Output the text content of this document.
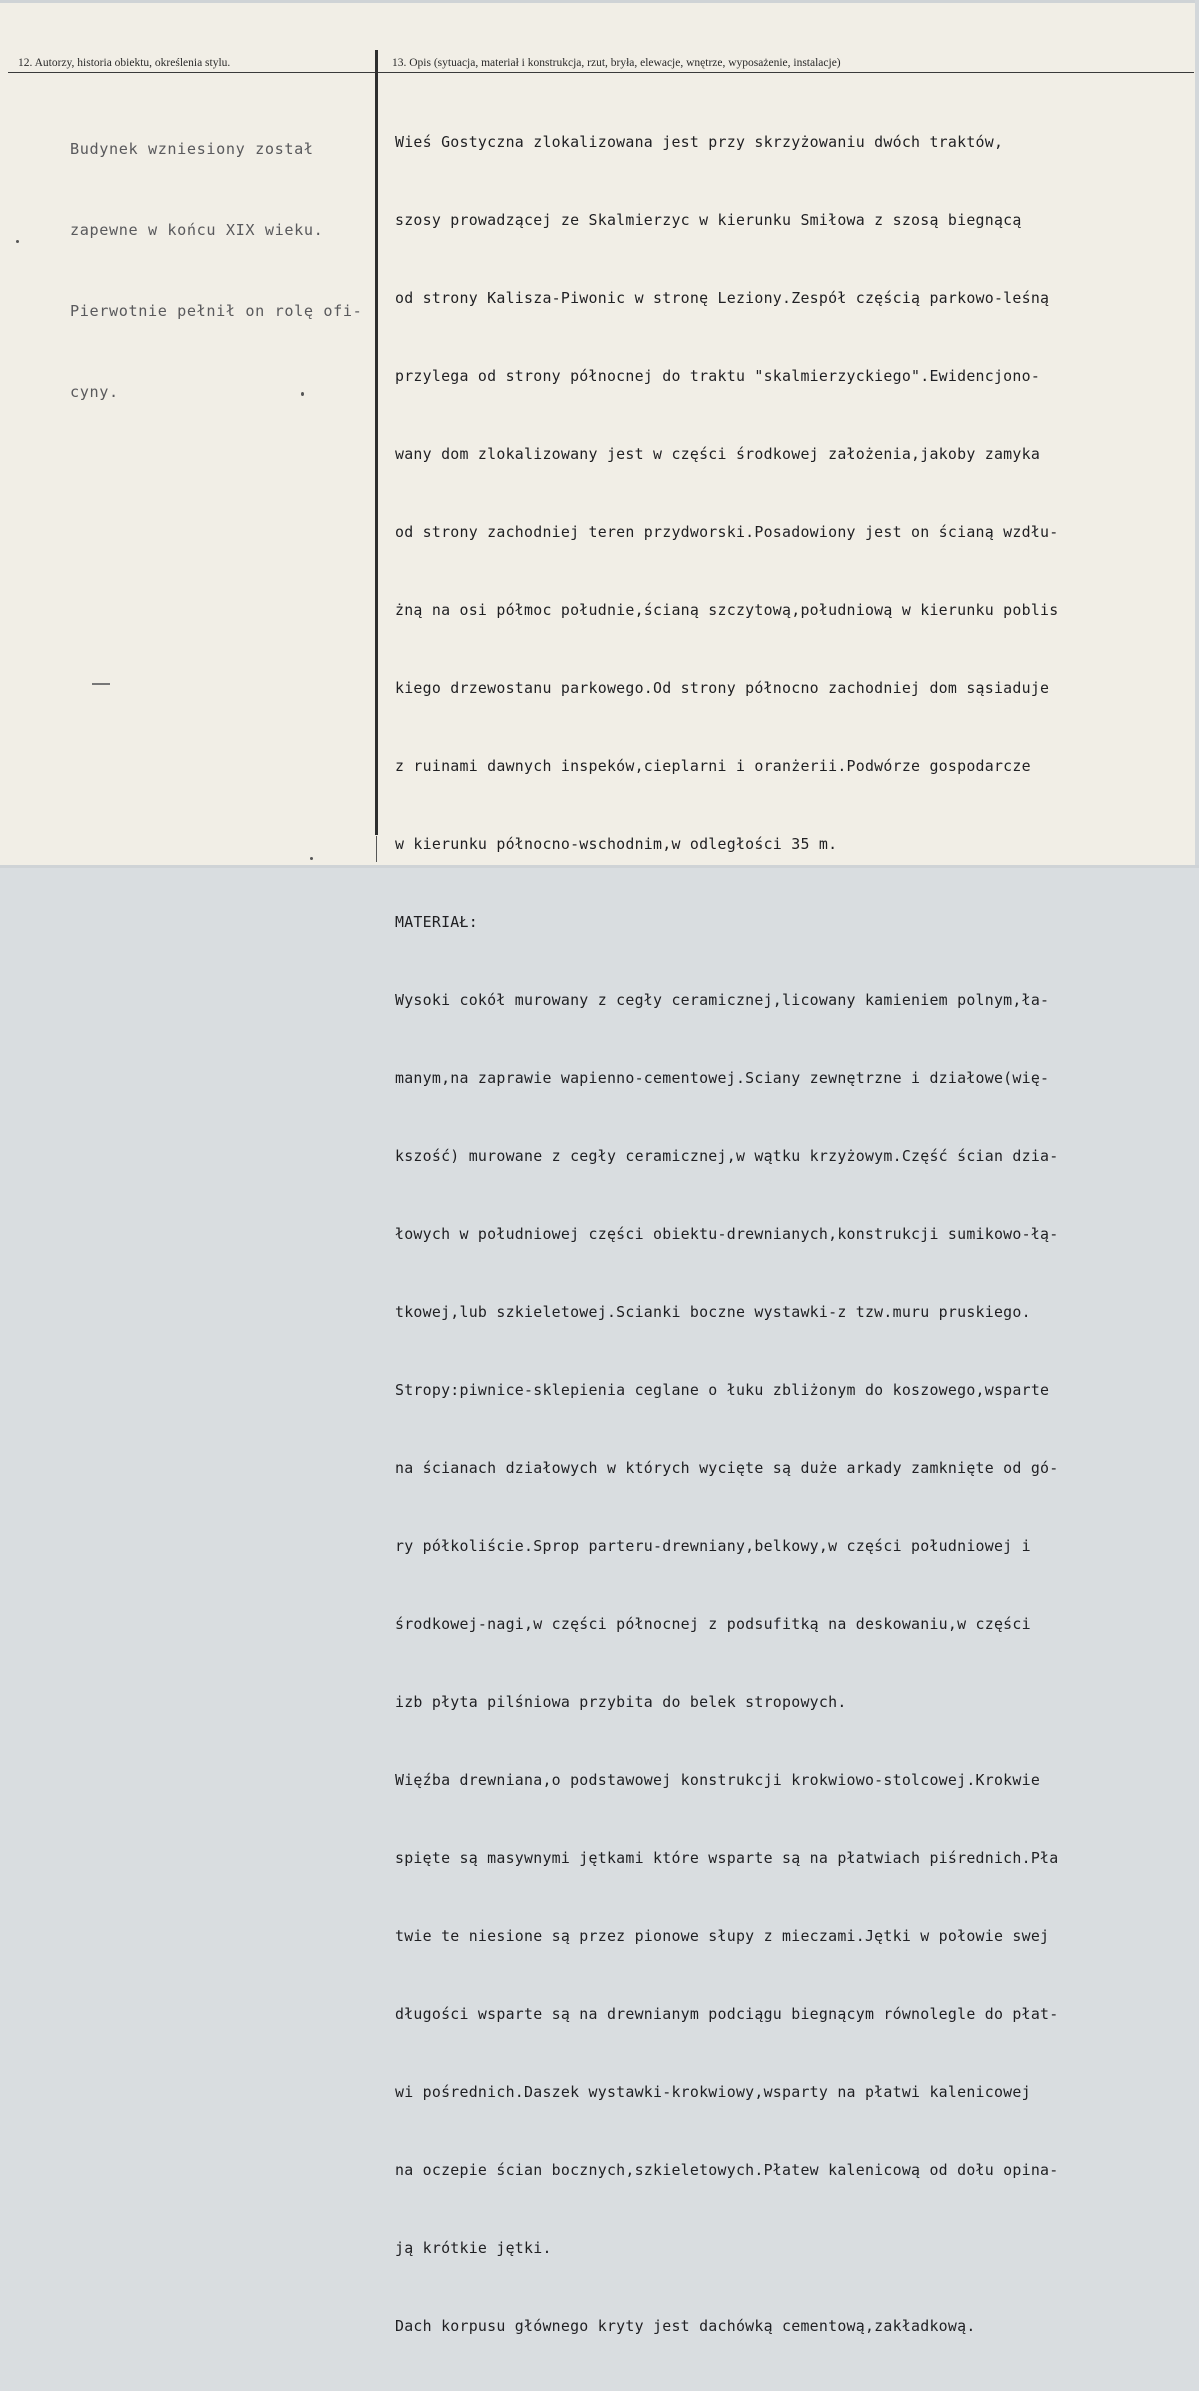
12. Autorzy, historia obiektu, określenia stylu.	13. Opis (sytuacja, materiał i konstrukcja, rzut, bryła, elewacje, wnętrze, wyposażenie, instalacje)

Budynek wzniesiony został

zapewne w końcu XIX wieku.

Pierwotnie pełnił on rolę ofi-

cyny.

Wieś Gostyczna zlokalizowana jest przy skrzyżowaniu dwóch traktów,

szosy prowadzącej ze Skalmierzyc w kierunku Smiłowa z szosą biegnącą

od strony Kalisza-Piwonic w stronę Leziony.Zespół częścią parkowo-leśną

przylega od strony północnej do traktu "skalmierzyckiego".Ewidencjono-

wany dom zlokalizowany jest w części środkowej założenia,jakoby zamyka

od strony zachodniej teren przydworski.Posadowiony jest on ścianą wzdłu-

żną na osi półmoc południe,ścianą szczytową,południową w kierunku poblis

kiego drzewostanu parkowego.Od strony północno zachodniej dom sąsiaduje

z ruinami dawnych inspeków,cieplarni i oranżerii.Podwórze gospodarcze

w kierunku północno-wschodnim,w odległości 35 m.

MATERIAŁ:

Wysoki cokół murowany z cegły ceramicznej,licowany kamieniem polnym,ła-

manym,na zaprawie wapienno-cementowej.Sciany zewnętrzne i działowe(wię-

kszość) murowane z cegły ceramicznej,w wątku krzyżowym.Część ścian dzia-

łowych w południowej części obiektu-drewnianych,konstrukcji sumikowo-łą-

tkowej,lub szkieletowej.Scianki boczne wystawki-z tzw.muru pruskiego.

Stropy:piwnice-sklepienia ceglane o łuku zbliżonym do koszowego,wsparte

na ścianach działowych w których wycięte są duże arkady zamknięte od gó-

ry półkoliście.Sprop parteru-drewniany,belkowy,w części południowej i

środkowej-nagi,w części północnej z podsufitką na deskowaniu,w części

izb płyta pilśniowa przybita do belek stropowych.

Więźba drewniana,o podstawowej konstrukcji krokwiowo-stolcowej.Krokwie

spięte są masywnymi jętkami które wsparte są na płatwiach piśrednich.Pła

twie te niesione są przez pionowe słupy z mieczami.Jętki w połowie swej

długości wsparte są na drewnianym podciągu biegnącym równolegle do płat-

wi pośrednich.Daszek wystawki-krokwiowy,wsparty na płatwi kalenicowej

na oczepie ścian bocznych,szkieletowych.Płatew kalenicową od dołu opina-

ją krótkie jętki.

Dach korpusu głównego kryty jest dachówką cementową,zakładkową.
